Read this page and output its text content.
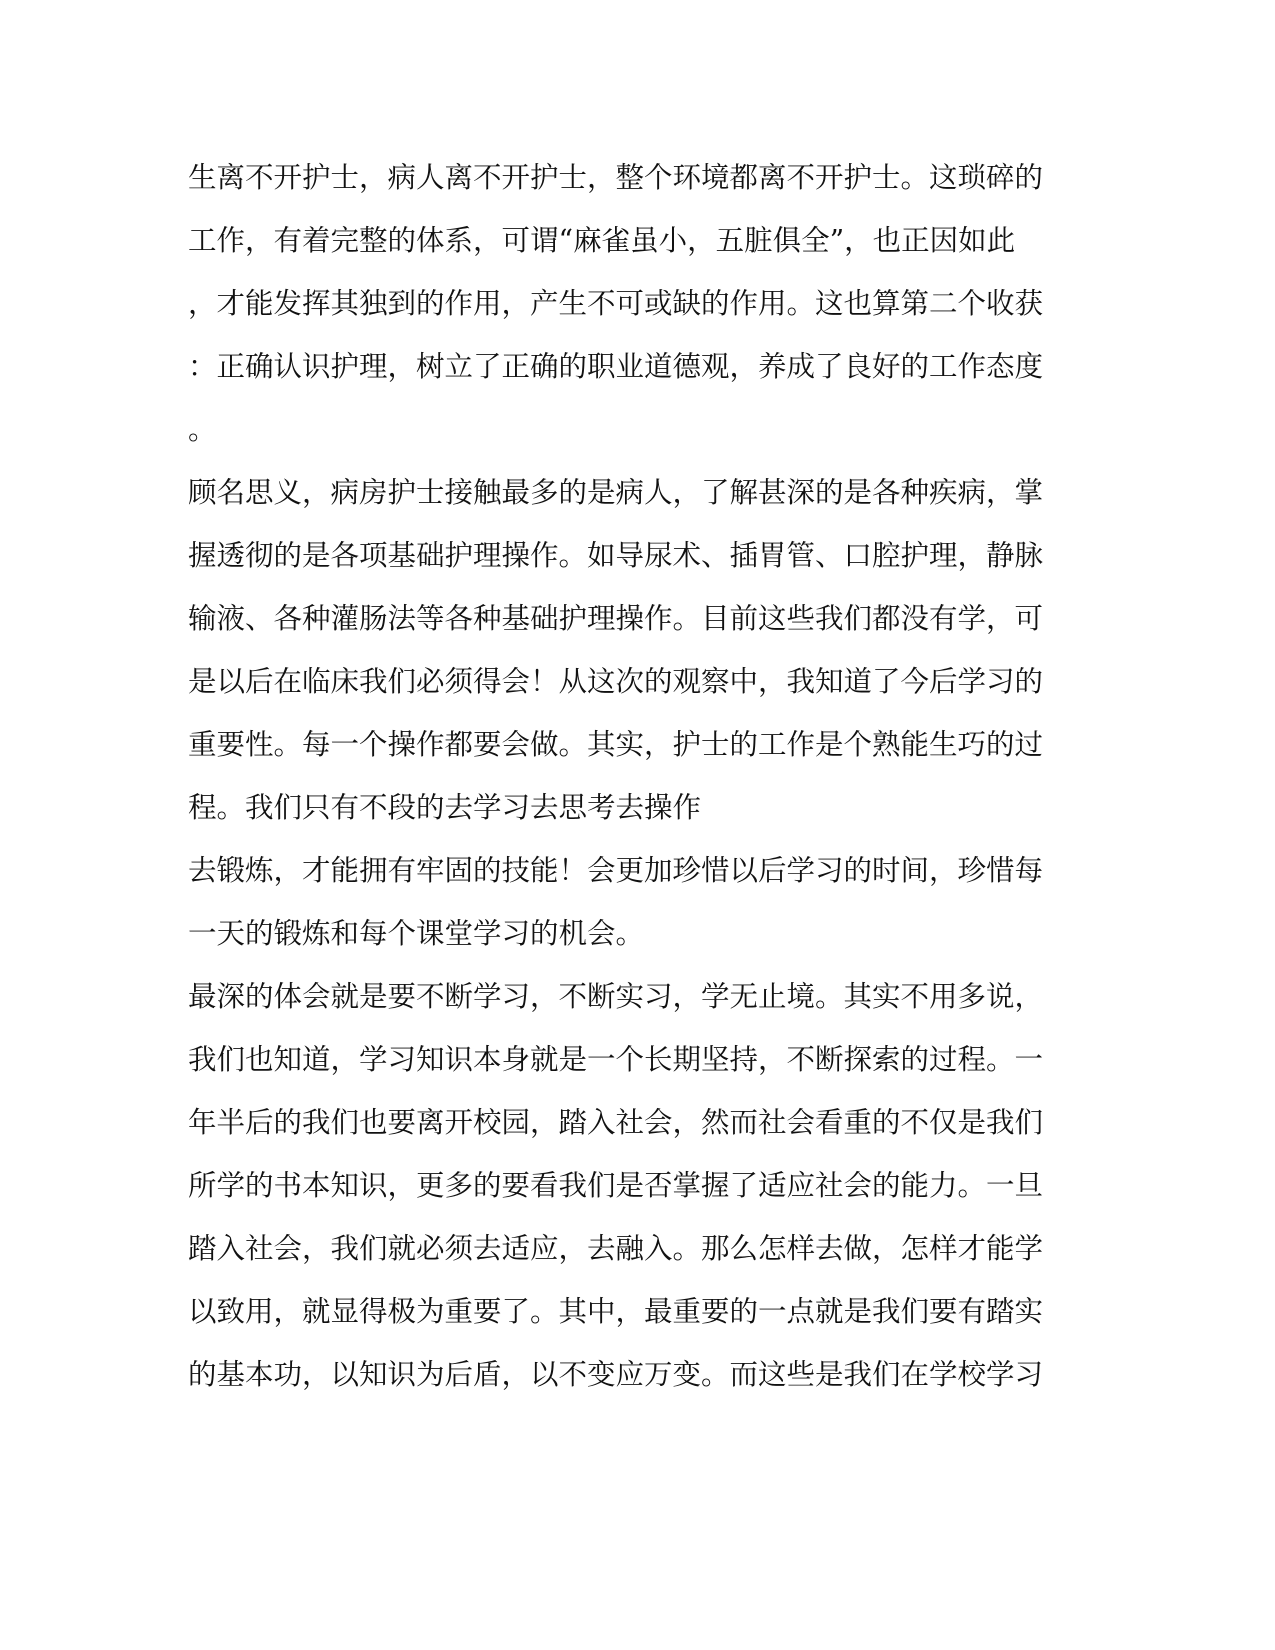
生离不开护士，病人离不开护士，整个环境都离不开护士。这琐碎的
工作，有着完整的体系，可谓“麻雀虽小，五脏俱全”，也正因如此
，才能发挥其独到的作用，产生不可或缺的作用。这也算第二个收获
：正确认识护理，树立了正确的职业道德观，养成了良好的工作态度
。
顾名思义，病房护士接触最多的是病人，了解甚深的是各种疾病，掌
握透彻的是各项基础护理操作。如导尿术、插胃管、口腔护理，静脉
输液、各种灌肠法等各种基础护理操作。目前这些我们都没有学，可
是以后在临床我们必须得会！从这次的观察中，我知道了今后学习的
重要性。每一个操作都要会做。其实，护士的工作是个熟能生巧的过
程。我们只有不段的去学习去思考去操作
去锻炼，才能拥有牢固的技能！会更加珍惜以后学习的时间，珍惜每
一天的锻炼和每个课堂学习的机会。
最深的体会就是要不断学习，不断实习，学无止境。其实不用多说，
我们也知道，学习知识本身就是一个长期坚持，不断探索的过程。一
年半后的我们也要离开校园，踏入社会，然而社会看重的不仅是我们
所学的书本知识，更多的要看我们是否掌握了适应社会的能力。一旦
踏入社会，我们就必须去适应，去融入。那么怎样去做，怎样才能学
以致用，就显得极为重要了。其中，最重要的一点就是我们要有踏实
的基本功，以知识为后盾，以不变应万变。而这些是我们在学校学习
